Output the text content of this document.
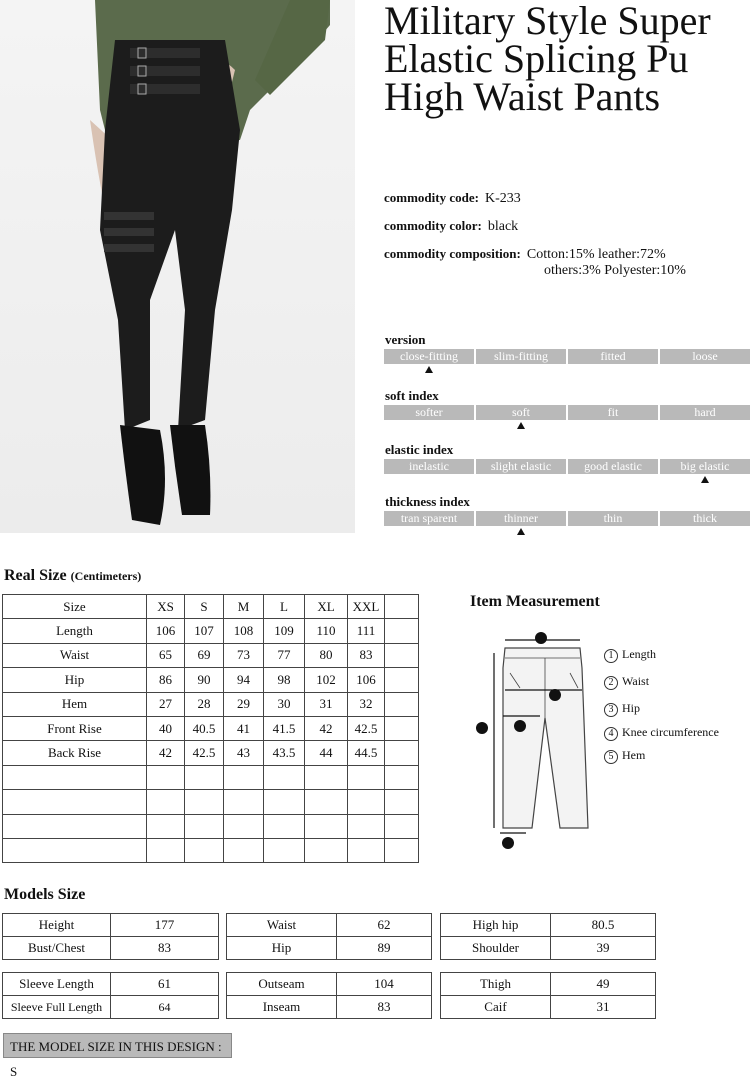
Military Style Super Elastic Splicing Pu High Waist Pants
commodity code: K-233
commodity color: black
commodity composition: Cotton:15% leather:72%
others:3% Polyester:10%
version
close-fitting	slim-fitting	fitted	loose
soft index
softer	soft	fit	hard
elastic index
inelastic	slight elastic	good elastic	big elastic
thickness index
tran sparent	thinner	thin	thick
Real Size (Centimeters)
Size	XS	S	M	L	XL	XXL	
Length	106	107	108	109	110	111	
Waist	65	69	73	77	80	83	
Hip	86	90	94	98	102	106	
Hem	27	28	29	30	31	32	
Front Rise	40	40.5	41	41.5	42	42.5	
Back Rise	42	42.5	43	43.5	44	44.5	

Item Measurement
1 Length
2 Waist
3 Hip
4 Knee circumference
5 Hem
Models Size
Height	177
Bust/Chest	83
Waist	62
Hip	89
High hip	80.5
Shoulder	39
Sleeve Length	61
Sleeve Full Length	64
Outseam	104
Inseam	83
Thigh	49
Caif	31
THE MODEL SIZE IN THIS DESIGN : S
